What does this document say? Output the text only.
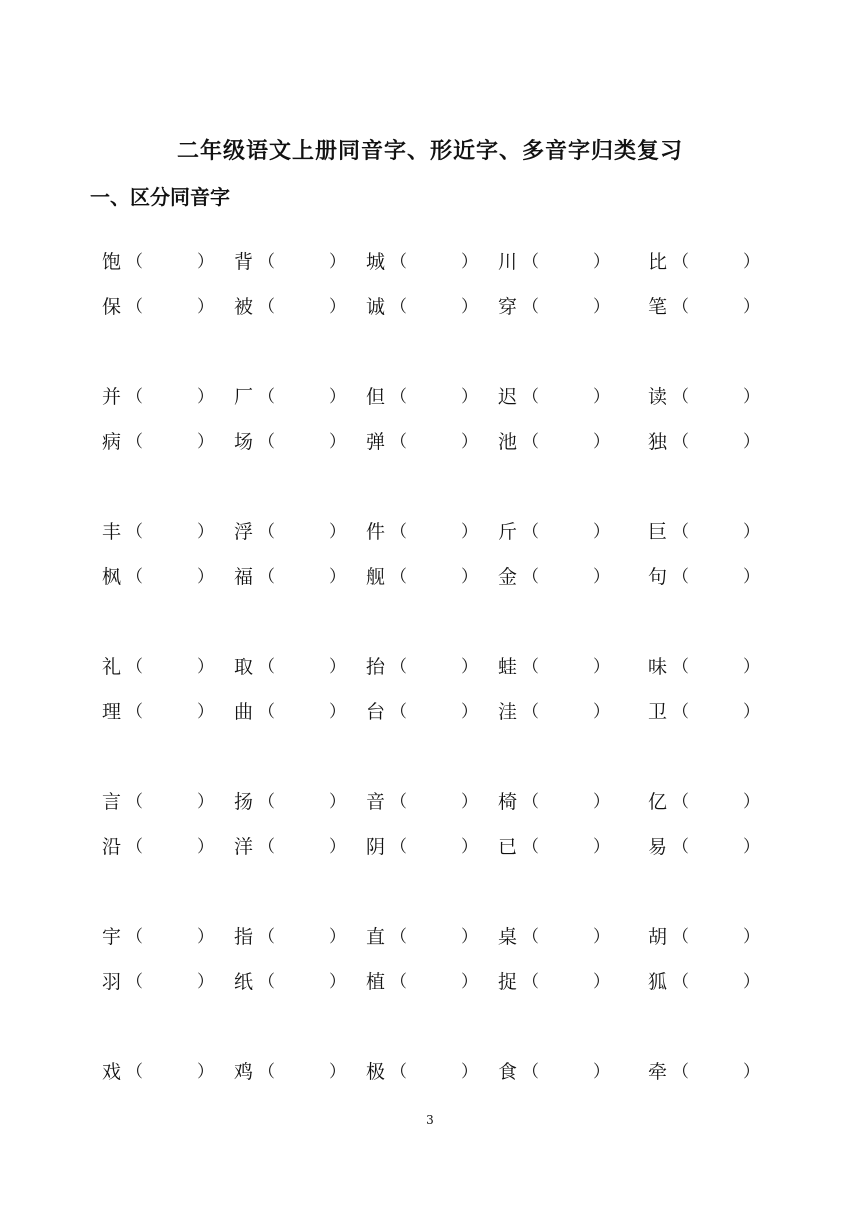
二年级语文上册同音字、形近字、多音字归类复习
一、区分同音字
饱 （	） 背 （	） 城 （	） 川 （	） 比 （	）
保 （	） 被 （	） 诚 （	） 穿 （	） 笔 （	）
并 （	） 厂 （	） 但 （	） 迟 （	） 读 （	）
病 （	） 场 （	） 弹 （	） 池 （	） 独 （	）
丰 （	） 浮 （	） 件 （	） 斤 （	） 巨 （	）
枫 （	） 福 （	） 舰 （	） 金 （	） 句 （	）
礼 （	） 取 （	） 抬 （	） 蛙 （	） 味 （	）
理 （	） 曲 （	） 台 （	） 洼 （	） 卫 （	）
言 （	） 扬 （	） 音 （	） 椅 （	） 亿 （	）
沿 （	） 洋 （	） 阴 （	） 已 （	） 易 （	）
宇 （	） 指 （	） 直 （	） 桌 （	） 胡 （	）
羽 （	） 纸 （	） 植 （	） 捉 （	） 狐 （	）
戏 （	） 鸡 （	） 极 （	） 食 （	） 牵 （	）
3
